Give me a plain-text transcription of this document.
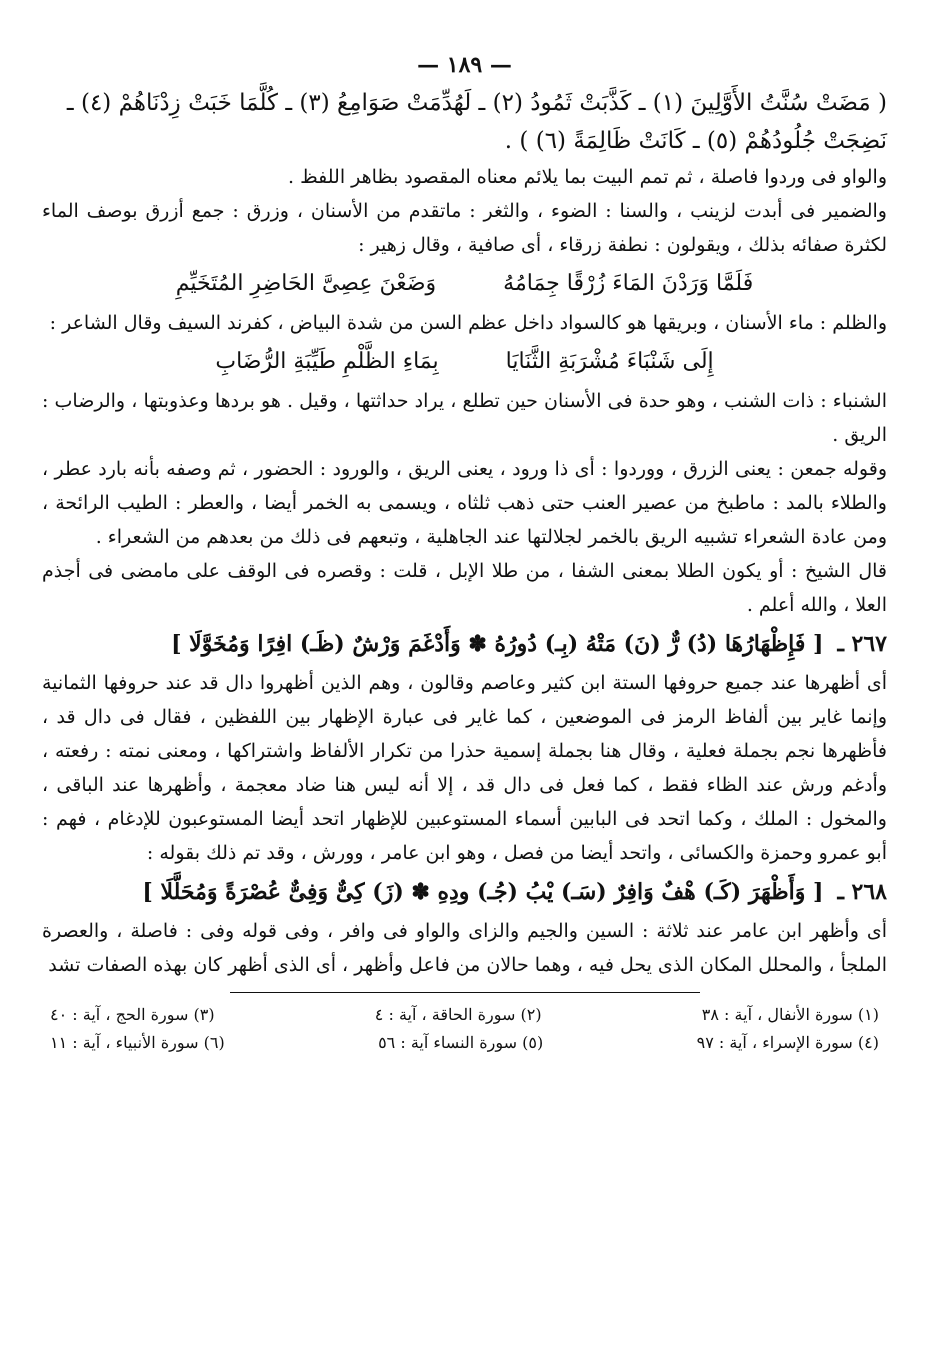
— ١٨٩ —
( مَضَتْ سُنَّتُ الأَوَّلِينَ (١) ـ كَذَّبَتْ ثَمُودُ (٢) ـ لَهُدِّمَتْ صَوَامِعُ (٣) ـ كُلَّمَا خَبَتْ زِدْنَاهُمْ (٤) ـ
نَضِجَتْ جُلُودُهُمْ (٥) ـ كَانَتْ ظَالِمَةً (٦) ) .
والواو فى وردوا فاصلة ، ثم تمم البيت بما يلائم معناه المقصود بظاهر اللفظ .
والضمير فى أبدت لزينب ، والسنا : الضوء ، والثغر : ماتقدم من الأسنان ، وزرق : جمع أزرق بوصف الماء لكثرة صفائه بذلك ، ويقولون : نطفة زرقاء ، أى صافية ، وقال زهير :
فَلَمَّا وَرَدْنَ المَاءَ زُرْقًا جِمَامُهُ وَضَعْنَ عِصِىَّ الحَاضِرِ المُتَخَيِّمِ
والظلم : ماء الأسنان ، وبريقها هو كالسواد داخل عظم السن من شدة البياض ، كفرند السيف وقال الشاعر :
إِلَى شَنْبَاءَ مُشْرَبَةِ الثَّنَايَا بِمَاءِ الظَّلْمِ طَيِّبَةِ الرُّضَابِ
الشنباء : ذات الشنب ، وهو حدة فى الأسنان حين تطلع ، يراد حداثتها ، وقيل . هو بردها وعذوبتها ، والرضاب : الريق .
وقوله جمعن : يعنى الزرق ، ووردوا : أى ذا ورود ، يعنى الريق ، والورود : الحضور ، ثم وصفه بأنه بارد عطر ، والطلاء بالمد : ماطبخ من عصير العنب حتى ذهب ثلثاه ، ويسمى به الخمر أيضا ، والعطر : الطيب الرائحة ، ومن عادة الشعراء تشبيه الريق بالخمر لجلالتها عند الجاهلية ، وتبعهم فى ذلك من بعدهم من الشعراء .
قال الشيخ : أو يكون الطلا بمعنى الشفا ، من طلا الإبل ، قلت : وقصره فى الوقف على مامضى فى أجذم العلا ، والله أعلم .
٢٦٧ ـ
[ فَإِظْهَارُهَا (دُ) رٌّ (نَ) مَتْهُ (بِـ) دُورُهُ ✽ وَأَدْغَمَ وَرْشٌ (ظَـ) افِرًا وَمُخَوَّلَا ]
أى أظهرها عند جميع حروفها الستة ابن كثير وعاصم وقالون ، وهم الذين أظهروا دال قد عند حروفها الثمانية وإنما غاير بين ألفاظ الرمز فى الموضعين ، كما غاير فى عبارة الإظهار بين اللفظين ، فقال فى دال قد ، فأظهرها نجم بجملة فعلية ، وقال هنا بجملة إسمية حذرا من تكرار الألفاظ واشتراكها ، ومعنى نمته : رفعته ، وأدغم ورش عند الظاء فقط ، كما فعل فى دال قد ، إلا أنه ليس هنا ضاد معجمة ، وأظهرها عند الباقى ، والمخول : الملك ، وكما اتحد فى البابين أسماء المستوعبين للإظهار اتحد أيضا المستوعبون للإدغام ، فهم : أبو عمرو وحمزة والكسائى ، واتحد أيضا من فصل ، وهو ابن عامر ، وورش ، وقد تم ذلك بقوله :
٢٦٨ ـ
[ وَأَظْهَرَ (كَـ) هْفٌ وَافِرٌ (سَـ) يْبُ (جُـ) ودِهِ ✽ (زَ) كِىٌّ وَفِىٌّ عُصْرَةً وَمُحَلَّلَا ]
أى وأظهر ابن عامر عند ثلاثة : السين والجيم والزاى والواو فى وافر ، وفى قوله وفى : فاصلة ، والعصرة الملجأ ، والمحلل المكان الذى يحل فيه ، وهما حالان من فاعل وأظهر ، أى الذى أظهر كان بهذه الصفات تشد
(١) سورة الأنفال ، آية : ٣٨
(٢) سورة الحاقة ، آية : ٤
(٣) سورة الحج ، آية : ٤٠
(٤) سورة الإسراء ، آية : ٩٧
(٥) سورة النساء آية : ٥٦
(٦) سورة الأنبياء ، آية : ١١
